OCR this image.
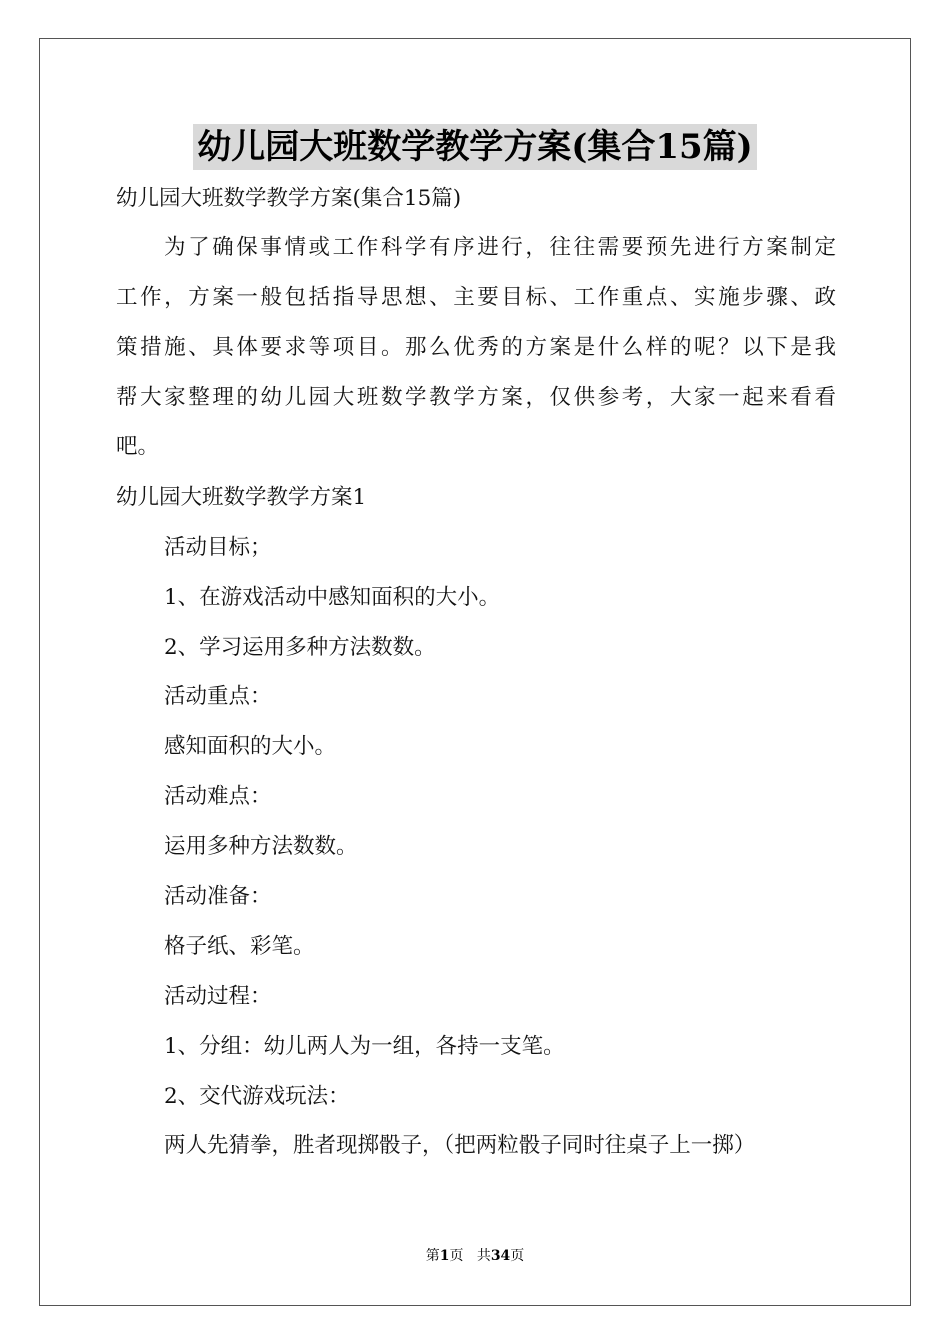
幼儿园大班数学教学方案(集合15篇)
幼儿园大班数学教学方案(集合15篇)
为了确保事情或工作科学有序进行，往往需要预先进行方案制定
工作，方案一般包括指导思想、主要目标、工作重点、实施步骤、政
策措施、具体要求等项目。那么优秀的方案是什么样的呢？以下是我
帮大家整理的幼儿园大班数学教学方案，仅供参考，大家一起来看看
吧。
幼儿园大班数学教学方案1
活动目标；
1、在游戏活动中感知面积的大小。
2、学习运用多种方法数数。
活动重点：
感知面积的大小。
活动难点：
运用多种方法数数。
活动准备：
格子纸、彩笔。
活动过程：
1、分组：幼儿两人为一组，各持一支笔。
2、交代游戏玩法：
两人先猜拳，胜者现掷骰子，（把两粒骰子同时往桌子上一掷）
第1页 共34页
